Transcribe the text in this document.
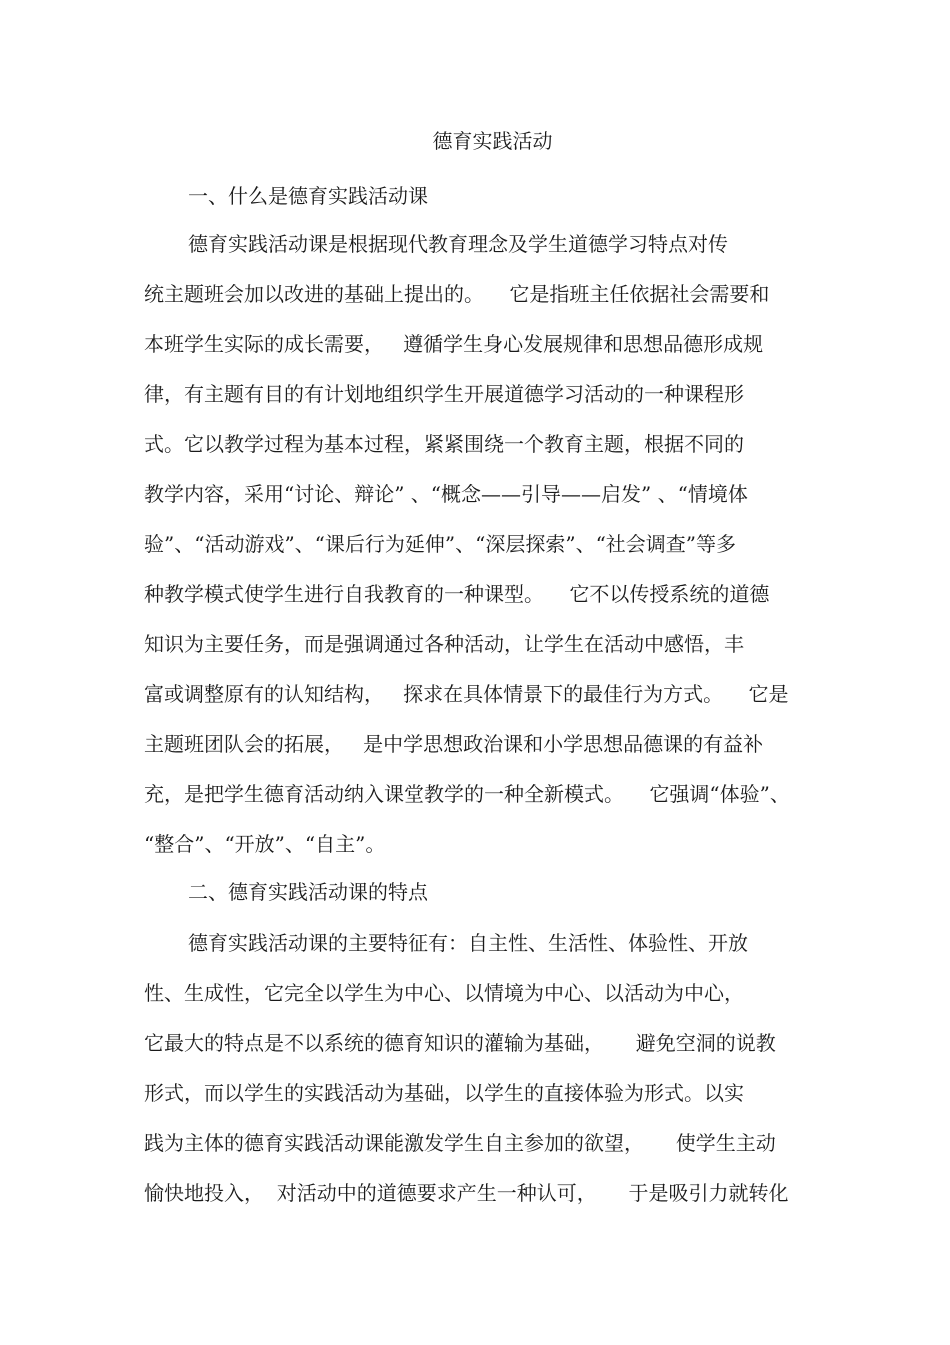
德育实践活动

一、什么是德育实践活动课

德育实践活动课是根据现代教育理念及学生道德学习特点对传

统主题班会加以改进的基础上提出的。    它是指班主任依据社会需要和

本班学生实际的成长需要，   遵循学生身心发展规律和思想品德形成规

律，有主题有目的有计划地组织学生开展道德学习活动的一种课程形

式。它以教学过程为基本过程，紧紧围绕一个教育主题，根据不同的

教学内容，采用“讨论、辩论” 、“概念——引导——启发” 、“情境体

验”、“活动游戏”、“课后行为延伸”、“深层探索”、“社会调查”等多

种教学模式使学生进行自我教育的一种课型。    它不以传授系统的道德

知识为主要任务，而是强调通过各种活动，让学生在活动中感悟，丰

富或调整原有的认知结构，   探求在具体情景下的最佳行为方式。    它是

主题班团队会的拓展，   是中学思想政治课和小学思想品德课的有益补

充，是把学生德育活动纳入课堂教学的一种全新模式。    它强调“体验”、

“整合”、“开放”、“自主”。

二、德育实践活动课的特点

德育实践活动课的主要特征有：自主性、生活性、体验性、开放

性、生成性，它完全以学生为中心、以情境为中心、以活动为中心，

它最大的特点是不以系统的德育知识的灌输为基础，     避免空洞的说教

形式，而以学生的实践活动为基础，以学生的直接体验为形式。以实

践为主体的德育实践活动课能激发学生自主参加的欲望，     使学生主动

愉快地投入，  对活动中的道德要求产生一种认可，     于是吸引力就转化
